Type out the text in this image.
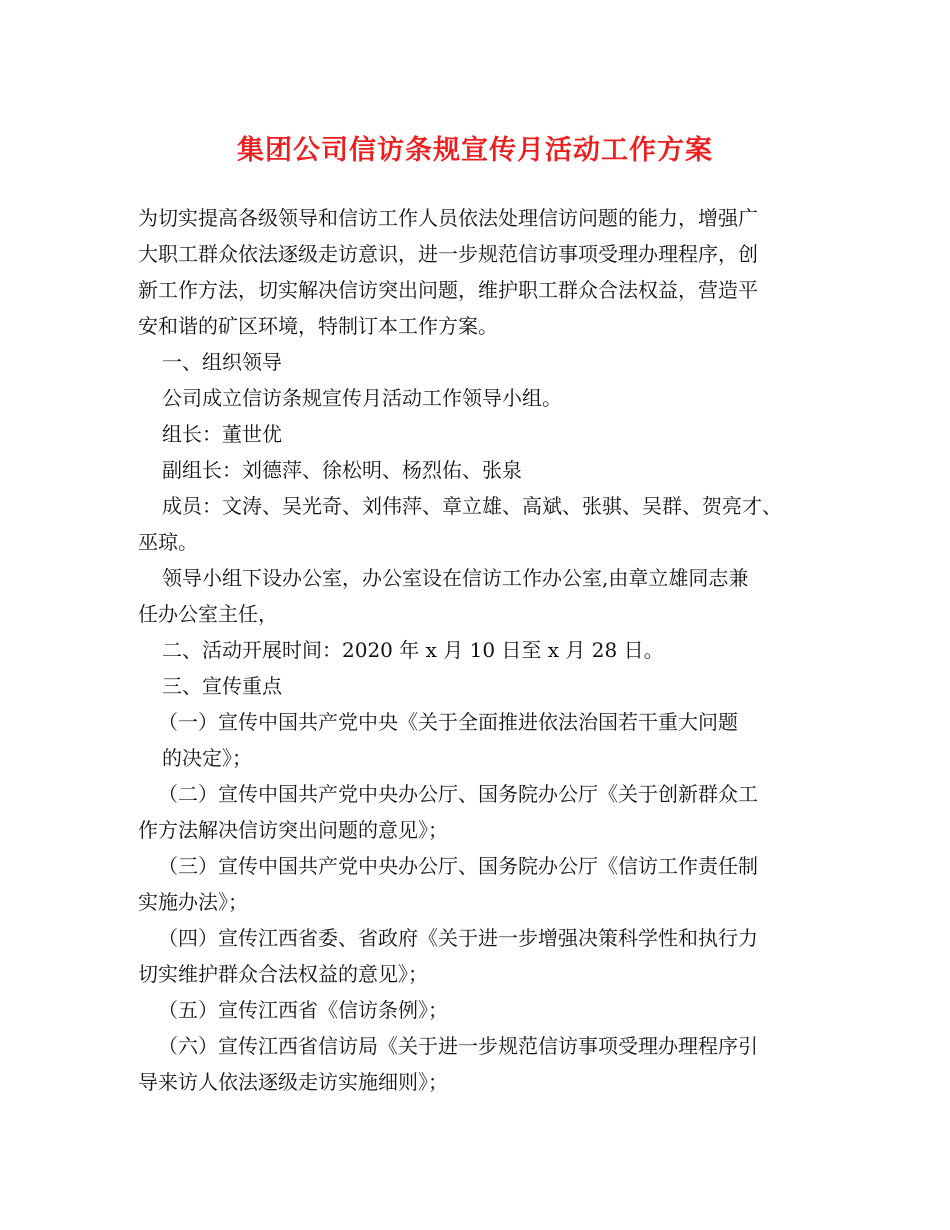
集团公司信访条规宣传月活动工作方案

为切实提高各级领导和信访工作人员依法处理信访问题的能力，增强广

大职工群众依法逐级走访意识，进一步规范信访事项受理办理程序，创

新工作方法，切实解决信访突出问题，维护职工群众合法权益，营造平

安和谐的矿区环境，特制订本工作方案。

一、组织领导

公司成立信访条规宣传月活动工作领导小组。

组长：董世优

副组长：刘德萍、徐松明、杨烈佑、张泉

成员：文涛、吴光奇、刘伟萍、章立雄、高斌、张骐、吴群、贺亮才、

巫琼。

领导小组下设办公室，办公室设在信访工作办公室,由章立雄同志兼

任办公室主任，

二、活动开展时间：2020 年 x 月 10 日至 x 月 28 日。

三、宣传重点

（一）宣传中国共产党中央《关于全面推进依法治国若干重大问题

的决定》；

（二）宣传中国共产党中央办公厅、国务院办公厅《关于创新群众工

作方法解决信访突出问题的意见》；

（三）宣传中国共产党中央办公厅、国务院办公厅《信访工作责任制

实施办法》；

（四）宣传江西省委、省政府《关于进一步增强决策科学性和执行力

切实维护群众合法权益的意见》；

（五）宣传江西省《信访条例》；

（六）宣传江西省信访局《关于进一步规范信访事项受理办理程序引

导来访人依法逐级走访实施细则》；
